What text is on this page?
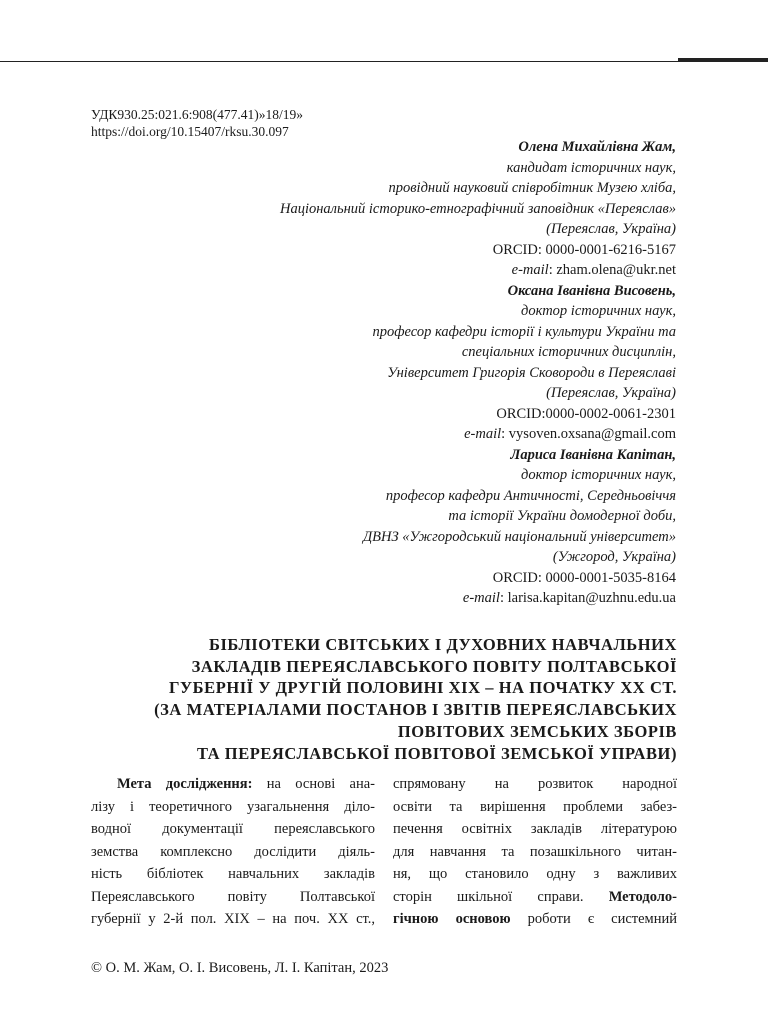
УДК930.25:021.6:908(477.41)»18/19»
https://doi.org/10.15407/rksu.30.097
Олена Михайлівна Жам,
кандидат історичних наук,
провідний науковий співробітник Музею хліба,
Національний історико-етнографічний заповідник «Переяслав»
(Переяслав, Україна)
ORCID: 0000-0001-6216-5167
e-mail: zham.olena@ukr.net
Оксана Іванівна Висовень,
доктор історичних наук,
професор кафедри історії і культури України та
спеціальних історичних дисциплін,
Університет Григорія Сковороди в Переяславі
(Переяслав, Україна)
ORCID:0000-0002-0061-2301
e-mail: vysoven.oxsana@gmail.com
Лариса Іванівна Капітан,
доктор історичних наук,
професор кафедри Античності, Середньовіччя
та історії України домодерної доби,
ДВНЗ «Ужгородський національний університет»
(Ужгород, Україна)
ORCID: 0000-0001-5035-8164
e-mail: larisa.kapitan@uzhnu.edu.ua
БІБЛІОТЕКИ СВІТСЬКИХ І ДУХОВНИХ НАВЧАЛЬНИХ
ЗАКЛАДІВ ПЕРЕЯСЛАВСЬКОГО ПОВІТУ ПОЛТАВСЬКОЇ
ГУБЕРНІЇ У ДРУГІЙ ПОЛОВИНІ XIX – НА ПОЧАТКУ XX СТ.
(ЗА МАТЕРІАЛАМИ ПОСТАНОВ І ЗВІТІВ ПЕРЕЯСЛАВСЬКИХ
ПОВІТОВИХ ЗЕМСЬКИХ ЗБОРІВ
ТА ПЕРЕЯСЛАВСЬКОЇ ПОВІТОВОЇ ЗЕМСЬКОЇ УПРАВИ)
Мета дослідження: на основі ана-
лізу і теоретичного узагальнення діло-
водної документації переяславського
земства комплексно дослідити діяль-
ність бібліотек навчальних закладів
Переяславського повіту Полтавської
губернії у 2-й пол. ХІХ – на поч. ХХ ст.,
спрямовану на розвиток народної
освіти та вирішення проблеми забез-
печення освітніх закладів літературою
для навчання та позашкільного читан-
ня, що становило одну з важливих
сторін шкільної справи. Методоло-
гічною основою роботи є системний
© О. М. Жам, О. І. Висовень, Л. І. Капітан, 2023
